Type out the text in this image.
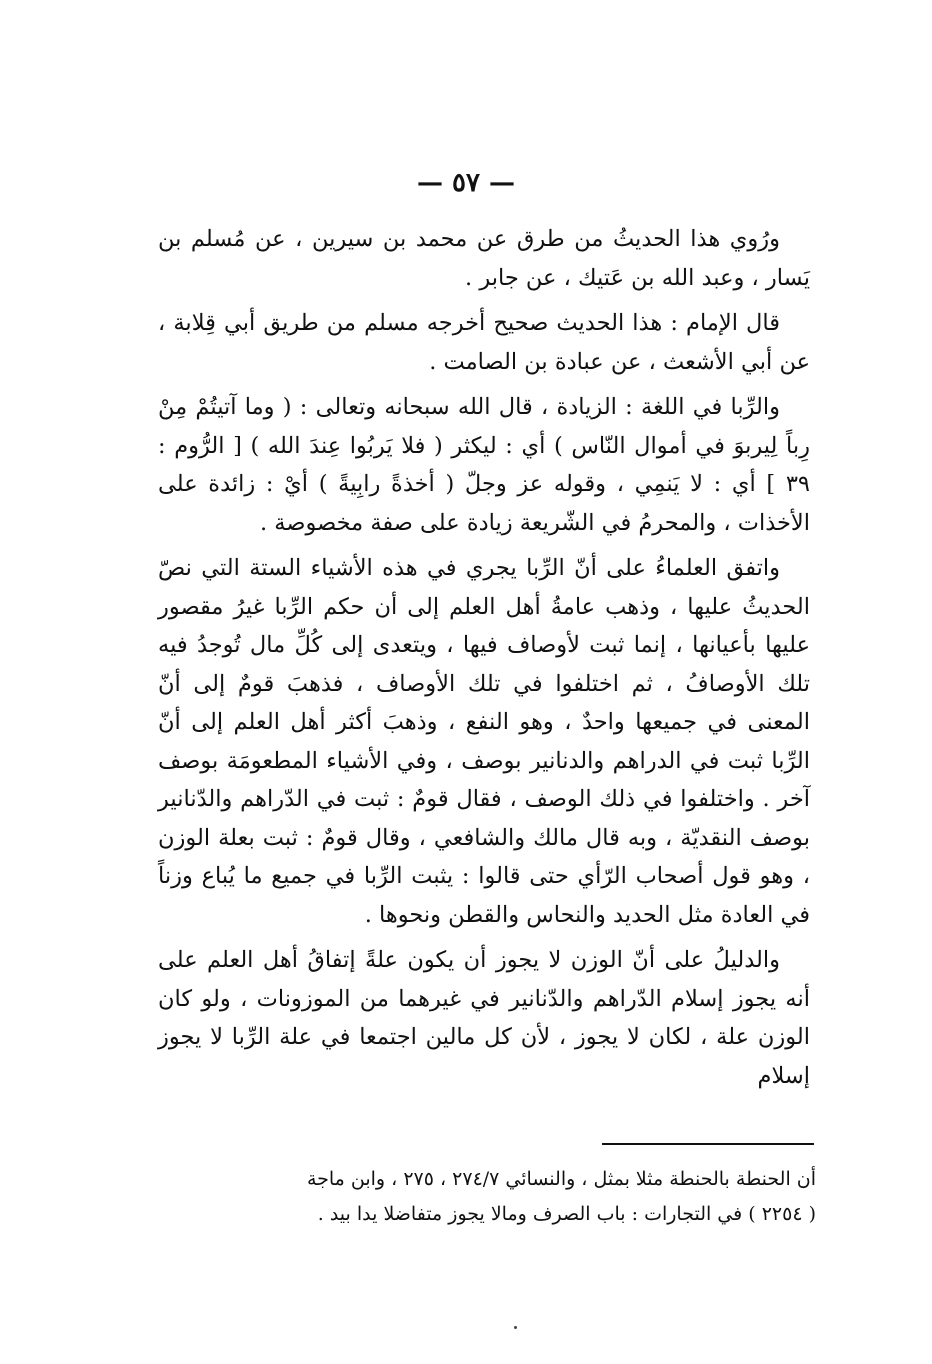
— ٥٧ —

ورُوي هذا الحديثُ من طرق عن محمد بن سيرين ، عن مُسلم بن يَسار ، وعبد الله بن عَتيك ، عن جابر .

قال الإمام : هذا الحديث صحيح أخرجه مسلم من طريق أبي قِلابة ، عن أبي الأشعث ، عن عبادة بن الصامت .

والرِّبا في اللغة : الزيادة ، قال الله سبحانه وتعالى : ( وما آتيتُمْ مِنْ رِباً لِيربوَ في أموال النّاس ) أي : ليكثر ( فلا يَربُوا عِندَ الله ) [ الرُّوم : ٣٩ ] أي : لا يَنمِي ، وقوله عز وجلّ ( أخذةً رابِيةً ) أيْ : زائدة على الأخذات ، والمحرمُ في الشّريعة زيادة على صفة مخصوصة .

واتفق العلماءُ على أنّ الرِّبا يجري في هذه الأشياء الستة التي نصّ الحديثُ عليها ، وذهب عامةُ أهل العلم إلى أن حكم الرِّبا غيرُ مقصور عليها بأعيانها ، إنما ثبت لأوصاف فيها ، ويتعدى إلى كُلِّ مال تُوجدُ فيه تلك الأوصافُ ، ثم اختلفوا في تلك الأوصاف ، فذهبَ قومٌ إلى أنّ المعنى في جميعها واحدٌ ، وهو النفع ، وذهبَ أكثر أهل العلم إلى أنّ الرِّبا ثبت في الدراهم والدنانير بوصف ، وفي الأشياء المطعومَة بوصف آخر . واختلفوا في ذلك الوصف ، فقال قومٌ : ثبت في الدّراهم والدّنانير بوصف النقديّة ، وبه قال مالك والشافعي ، وقال قومٌ : ثبت بعلة الوزن ، وهو قول أصحاب الرّأي حتى قالوا : يثبت الرِّبا في جميع ما يُباع وزناً في العادة مثل الحديد والنحاس والقطن ونحوها .

والدليلُ على أنّ الوزن لا يجوز أن يكون علةً إتفاقُ أهل العلم على أنه يجوز إسلام الدّراهم والدّنانير في غيرهما من الموزونات ، ولو كان الوزن علة ، لكان لا يجوز ، لأن كل مالين اجتمعا في علة الرِّبا لا يجوز إسلام

أن الحنطة بالحنطة مثلا بمثل ، والنسائي ٢٧٤/٧ ، ٢٧٥ ، وابن ماجة

( ٢٢٥٤ ) في التجارات : باب الصرف ومالا يجوز متفاضلا يدا بيد .
